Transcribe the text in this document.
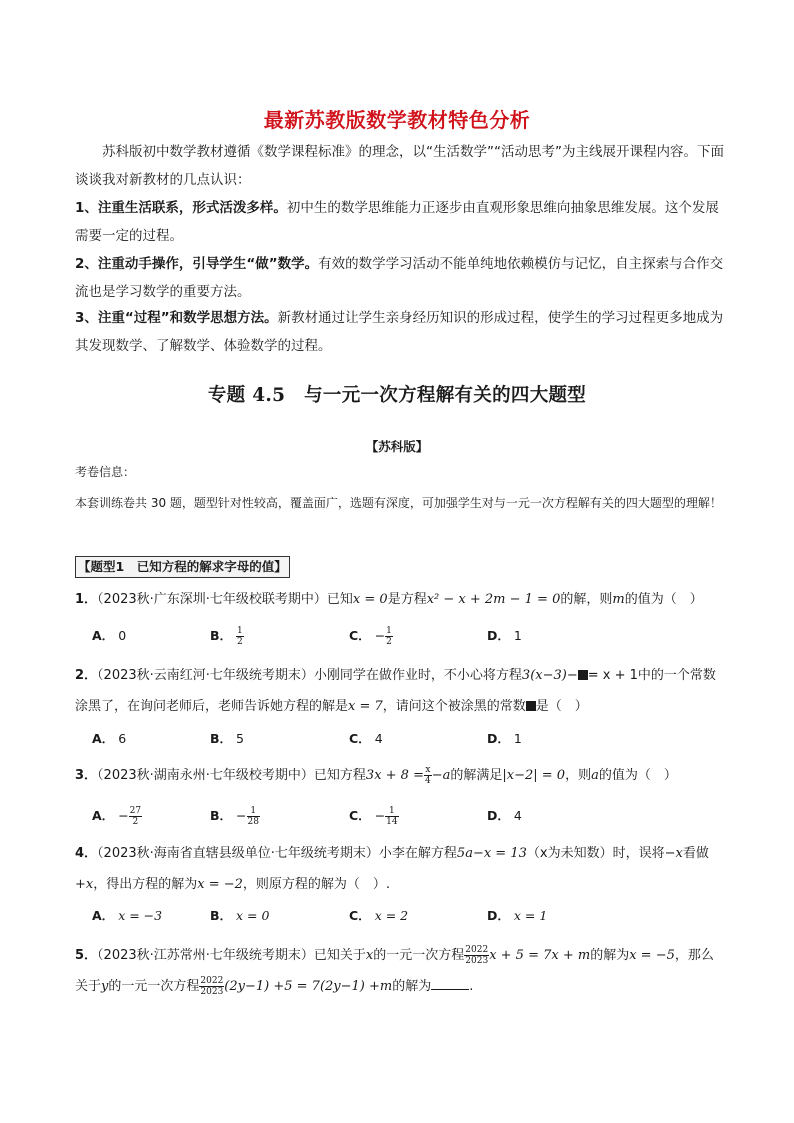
最新苏教版数学教材特色分析

苏科版初中数学教材遵循《数学课程标准》的理念，以“生活数学”“活动思考”为主线展开课程内容。下面谈谈我对新教材的几点认识：

1、注重生活联系，形式活泼多样。初中生的数学思维能力正逐步由直观形象思维向抽象思维发展。这个发展需要一定的过程。

2、注重动手操作，引导学生“做”数学。有效的数学学习活动不能单纯地依赖模仿与记忆，自主探索与合作交流也是学习数学的重要方法。

3、注重“过程”和数学思想方法。新教材通过让学生亲身经历知识的形成过程，使学生的学习过程更多地成为其发现数学、了解数学、体验数学的过程。

专题 4.5　与一元一次方程解有关的四大题型
【苏科版】
考卷信息：
本套训练卷共 30 题，题型针对性较高，覆盖面广，选题有深度，可加强学生对与一元一次方程解有关的四大题型的理解！
【题型1　已知方程的解求字母的值】
1．（2023秋·广东深圳·七年级校联考期中）已知x = 0是方程x² − x + 2m − 1 = 0的解，则m的值为（　）
A． 0	B． $\frac{1}{2}$	C． − $\frac{1}{2}$	D． 1
2．（2023秋·云南红河·七年级统考期末）小刚同学在做作业时，不小心将方程3(x−3)− = x + 1中的一个常数涂黑了，在询问老师后，老师告诉她方程的解是x = 7，请问这个被涂黑的常数 是（　）
A． 6	B． 5	C． 4	D． 1
3．（2023秋·湖南永州·七年级校考期中）已知方程$3x + 8 = \frac{x}{4} -a$的解满足|x−2| = 0，则a的值为（　）
A． − $\frac{27}{2}$	B． − $\frac{1}{28}$	C． − $\frac{1}{14}$	D． 4
4．（2023秋·海南省直辖县级单位·七年级统考期末）小李在解方程5a−x = 13（x为未知数）时，误将−x看做+x，得出方程的解为x = −2，则原方程的解为（　）.
A． x = −3	B． x = 0	C． x = 2	D． x = 1
5．（2023秋·江苏常州·七年级统考期末）已知关于x的一元一次方程 $\frac{2022}{2023}$ x + 5 = 7x + m的解为x = −5，那么关于y的一元一次方程 $\frac{2022}{2023} (2y-1) +5 = 7(2y-1) +m$的解为	.
